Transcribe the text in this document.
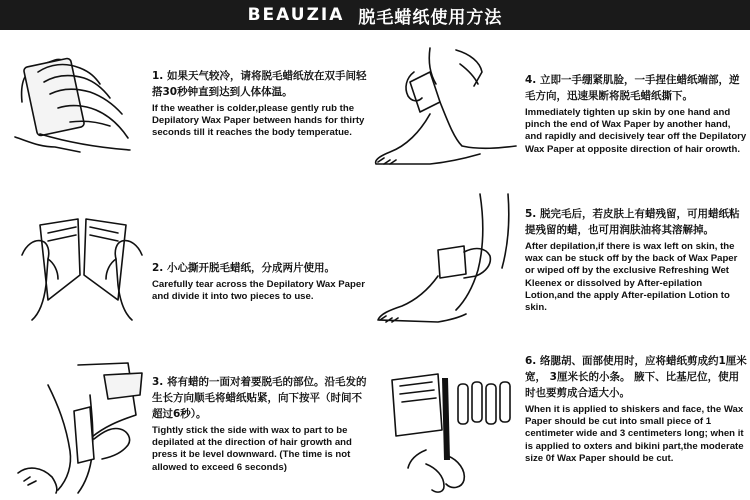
BEAUZIA 脱毛蜡纸使用方法
1. 如果天气较冷，请将脱毛蜡纸放在双手间轻搭30秒钟直到达到人体体温。
If the weather is colder,please gently rub the Depilatory Wax Paper between hands for thirty seconds till it reaches the body temperatue.
2. 小心撕开脱毛蜡纸，分成两片使用。
Carefully tear across the Depilatory Wax Paper and divide it into two pieces to use.
3. 将有蜡的一面对着要脱毛的部位。沿毛发的生长方向顺毛将蜡纸贴紧，向下按平（时间不超过6秒）。
Tightly stick the side with wax to part to be depilated at the direction of hair growth and press it be level downward. (The time is not allowed to exceed 6 seconds)
4. 立即一手绷紧肌脸，一手捏住蜡纸端部，逆毛方向，迅速果断将脱毛蜡纸撕下。
Immediately tighten up skin by one hand and pinch the end of Wax Paper by another hand, and rapidly and decisively tear off the Depilatory Wax Paper at opposite direction of hair orowth.
5. 脱完毛后，若皮肤上有蜡残留，可用蜡纸粘提残留的蜡，也可用润肤油将其溶解掉。
After depilation,if there is wax left on skin, the wax can be stuck off by the back of Wax Paper or wiped off by the exclusive Refreshing Wet Kleenex or dissolved by After-epilation Lotion,and the apply After-epilation Lotion to skin.
6. 络腮胡、面部使用时，应将蜡纸剪成约1厘米宽， 3厘米长的小条。 腋下、比基尼位，使用时也要剪成合适大小。
When it is applied to shiskers and face, the Wax Paper should be cut into small piece of 1 centimeter wide and 3 centimeters long; when it is applied to oxters and bikini part,the moderate size 0f Wax Paper should be cut.
